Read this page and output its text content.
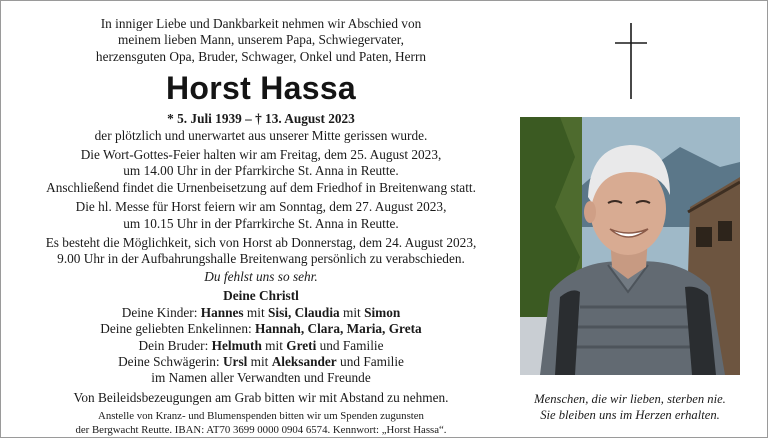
In inniger Liebe und Dankbarkeit nehmen wir Abschied von
meinem lieben Mann, unserem Papa, Schwiegervater,
herzensguten Opa, Bruder, Schwager, Onkel und Paten, Herrn
Horst Hassa
* 5. Juli 1939 – † 13. August 2023
der plötzlich und unerwartet aus unserer Mitte gerissen wurde.
Die Wort-Gottes-Feier halten wir am Freitag, dem 25. August 2023,
um 14.00 Uhr in der Pfarrkirche St. Anna in Reutte.
Anschließend findet die Urnenbeisetzung auf dem Friedhof in Breitenwang statt.
Die hl. Messe für Horst feiern wir am Sonntag, dem 27. August 2023,
um 10.15 Uhr in der Pfarrkirche St. Anna in Reutte.
Es besteht die Möglichkeit, sich von Horst ab Donnerstag, dem 24. August 2023,
9.00 Uhr in der Aufbahrungshalle Breitenwang persönlich zu verabschieden.
Du fehlst uns so sehr.
Deine Christl
Deine Kinder: Hannes mit Sisi, Claudia mit Simon
Deine geliebten Enkelinnen: Hannah, Clara, Maria, Greta
Dein Bruder: Helmuth mit Greti und Familie
Deine Schwägerin: Ursl mit Aleksander und Familie
im Namen aller Verwandten und Freunde
Von Beileidsbezeugungen am Grab bitten wir mit Abstand zu nehmen.
Anstelle von Kranz- und Blumenspenden bitten wir um Spenden zugunsten
der Bergwacht Reutte. IBAN: AT70 3699 0000 0904 6574. Kennwort: „Horst Hassa“.
Menschen, die wir lieben, sterben nie.
Sie bleiben uns im Herzen erhalten.
